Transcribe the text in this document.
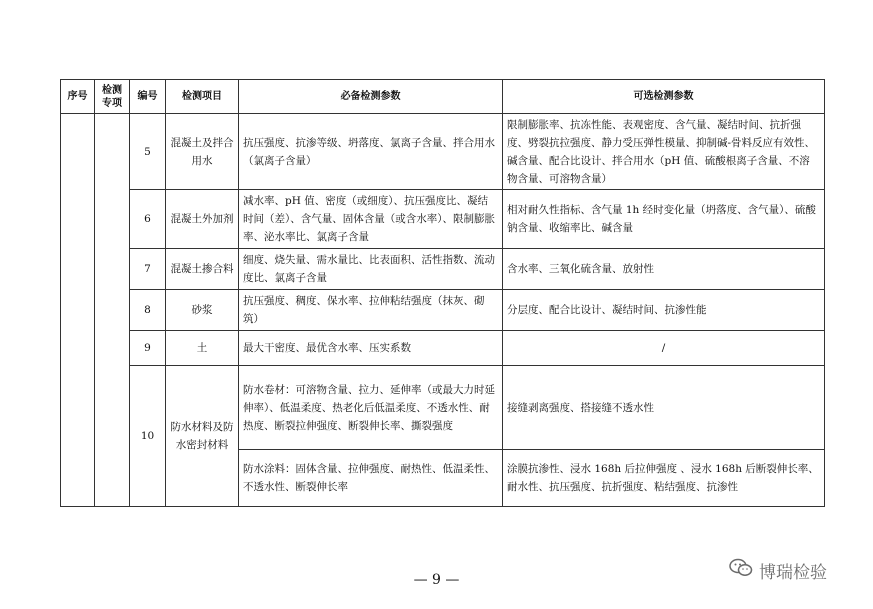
序号	检测专项	编号	检测项目	必备检测参数	可选检测参数
		5	混凝土及拌合用水	抗压强度、抗渗等级、坍落度、氯离子含量、拌合用水（氯离子含量）	限制膨胀率、抗冻性能、表观密度、含气量、凝结时间、抗折强度、劈裂抗拉强度、静力受压弹性模量、抑制碱-骨料反应有效性、碱含量、配合比设计、拌合用水（pH 值、硫酸根离子含量、不溶物含量、可溶物含量）
		6	混凝土外加剂	减水率、pH 值、密度（或细度）、抗压强度比、凝结时间（差）、含气量、固体含量（或含水率）、限制膨胀率、泌水率比、氯离子含量	相对耐久性指标、含气量 1h 经时变化量（坍落度、含气量）、硫酸钠含量、收缩率比、碱含量
		7	混凝土掺合料	细度、烧失量、需水量比、比表面积、活性指数、流动度比、氯离子含量	含水率、三氧化硫含量、放射性
		8	砂浆	抗压强度、稠度、保水率、拉伸粘结强度（抹灰、砌筑）	分层度、配合比设计、凝结时间、抗渗性能
		9	土	最大干密度、最优含水率、压实系数	/
		10	防水材料及防水密封材料	防水卷材：可溶物含量、拉力、延伸率（或最大力时延伸率）、低温柔度、热老化后低温柔度、不透水性、耐热度、断裂拉伸强度、断裂伸长率、撕裂强度	接缝剥离强度、搭接缝不透水性
				防水涂料：固体含量、拉伸强度、耐热性、低温柔性、不透水性、断裂伸长率	涂膜抗渗性、浸水 168h 后拉伸强度 、浸水 168h 后断裂伸长率、耐水性、抗压强度、抗折强度、粘结强度、抗渗性
— 9 —	博瑞检验
